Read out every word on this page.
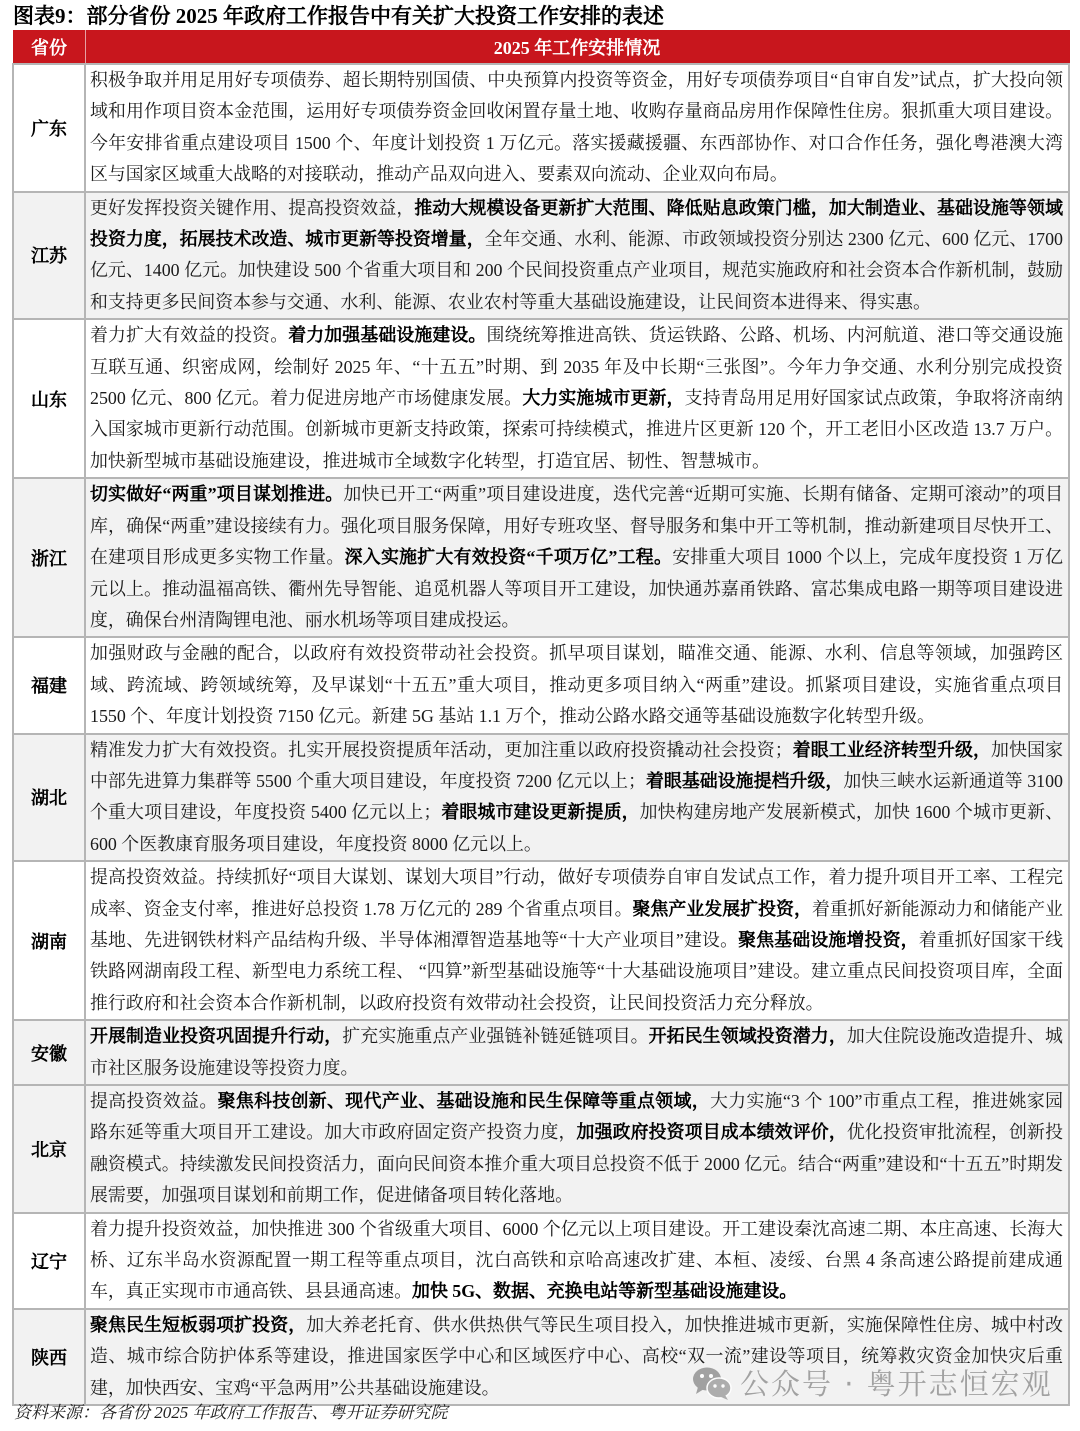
图表9：部分省份 2025 年政府工作报告中有关扩大投资工作安排的表述
省份	2025 年工作安排情况
广东	积极争取并用足用好专项债券、超长期特别国债、中央预算内投资等资金，用好专项债券项目“自审自发”试点，扩大投向领域和用作项目资本金范围，运用好专项债券资金回收闲置存量土地、收购存量商品房用作保障性住房。狠抓重大项目建设。今年安排省重点建设项目 1500 个、年度计划投资 1 万亿元。落实援藏援疆、东西部协作、对口合作任务，强化粤港澳大湾区与国家区域重大战略的对接联动，推动产品双向进入、要素双向流动、企业双向布局。
江苏	更好发挥投资关键作用、提高投资效益，推动大规模设备更新扩大范围、降低贴息政策门槛，加大制造业、基础设施等领域投资力度，拓展技术改造、城市更新等投资增量，全年交通、水利、能源、市政领域投资分别达 2300 亿元、600 亿元、1700 亿元、1400 亿元。加快建设 500 个省重大项目和 200 个民间投资重点产业项目，规范实施政府和社会资本合作新机制，鼓励和支持更多民间资本参与交通、水利、能源、农业农村等重大基础设施建设，让民间资本进得来、得实惠。
山东	着力扩大有效益的投资。着力加强基础设施建设。围绕统筹推进高铁、货运铁路、公路、机场、内河航道、港口等交通设施互联互通、织密成网，绘制好 2025 年、“十五五”时期、到 2035 年及中长期“三张图”。今年力争交通、水利分别完成投资 2500 亿元、800 亿元。着力促进房地产市场健康发展。大力实施城市更新，支持青岛用足用好国家试点政策，争取将济南纳入国家城市更新行动范围。创新城市更新支持政策，探索可持续模式，推进片区更新 120 个，开工老旧小区改造 13.7 万户。加快新型城市基础设施建设，推进城市全域数字化转型，打造宜居、韧性、智慧城市。
浙江	切实做好“两重”项目谋划推进。加快已开工“两重”项目建设进度，迭代完善“近期可实施、长期有储备、定期可滚动”的项目库，确保“两重”建设接续有力。强化项目服务保障，用好专班攻坚、督导服务和集中开工等机制，推动新建项目尽快开工、在建项目形成更多实物工作量。深入实施扩大有效投资“千项万亿”工程。安排重大项目 1000 个以上，完成年度投资 1 万亿元以上。推动温福高铁、衢州先导智能、追觅机器人等项目开工建设，加快通苏嘉甬铁路、富芯集成电路一期等项目建设进度，确保台州清陶锂电池、丽水机场等项目建成投运。
福建	加强财政与金融的配合，以政府有效投资带动社会投资。抓早项目谋划，瞄准交通、能源、水利、信息等领域，加强跨区域、跨流域、跨领域统筹，及早谋划“十五五”重大项目，推动更多项目纳入“两重”建设。抓紧项目建设，实施省重点项目 1550 个、年度计划投资 7150 亿元。新建 5G 基站 1.1 万个，推动公路水路交通等基础设施数字化转型升级。
湖北	精准发力扩大有效投资。扎实开展投资提质年活动，更加注重以政府投资撬动社会投资；着眼工业经济转型升级，加快国家中部先进算力集群等 5500 个重大项目建设，年度投资 7200 亿元以上；着眼基础设施提档升级，加快三峡水运新通道等 3100 个重大项目建设，年度投资 5400 亿元以上；着眼城市建设更新提质，加快构建房地产发展新模式，加快 1600 个城市更新、600 个医教康育服务项目建设，年度投资 8000 亿元以上。
湖南	提高投资效益。持续抓好“项目大谋划、谋划大项目”行动，做好专项债券自审自发试点工作，着力提升项目开工率、工程完成率、资金支付率，推进好总投资 1.78 万亿元的 289 个省重点项目。聚焦产业发展扩投资，着重抓好新能源动力和储能产业基地、先进钢铁材料产品结构升级、半导体湘潭智造基地等“十大产业项目”建设。聚焦基础设施增投资，着重抓好国家干线铁路网湖南段工程、新型电力系统工程、 “四算”新型基础设施等“十大基础设施项目”建设。建立重点民间投资项目库，全面推行政府和社会资本合作新机制，以政府投资有效带动社会投资，让民间投资活力充分释放。
安徽	开展制造业投资巩固提升行动，扩充实施重点产业强链补链延链项目。开拓民生领域投资潜力，加大住院设施改造提升、城市社区服务设施建设等投资力度。
北京	提高投资效益。聚焦科技创新、现代产业、基础设施和民生保障等重点领域，大力实施“3 个 100”市重点工程，推进姚家园路东延等重大项目开工建设。加大市政府固定资产投资力度，加强政府投资项目成本绩效评价，优化投资审批流程，创新投融资模式。持续激发民间投资活力，面向民间资本推介重大项目总投资不低于 2000 亿元。结合“两重”建设和“十五五”时期发展需要，加强项目谋划和前期工作，促进储备项目转化落地。
辽宁	着力提升投资效益，加快推进 300 个省级重大项目、6000 个亿元以上项目建设。开工建设秦沈高速二期、本庄高速、长海大桥、辽东半岛水资源配置一期工程等重点项目，沈白高铁和京哈高速改扩建、本桓、凌绥、台黑 4 条高速公路提前建成通车，真正实现市市通高铁、县县通高速。加快 5G、数据、充换电站等新型基础设施建设。
陕西	聚焦民生短板弱项扩投资，加大养老托育、供水供热供气等民生项目投入，加快推进城市更新，实施保障性住房、城中村改造、城市综合防护体系等建设，推进国家医学中心和区域医疗中心、高校“双一流”建设等项目，统筹救灾资金加快灾后重建，加快西安、宝鸡“平急两用”公共基础设施建设。
资料来源：各省份 2025 年政府工作报告、粤开证券研究院
公众号 · 粤开志恒宏观
